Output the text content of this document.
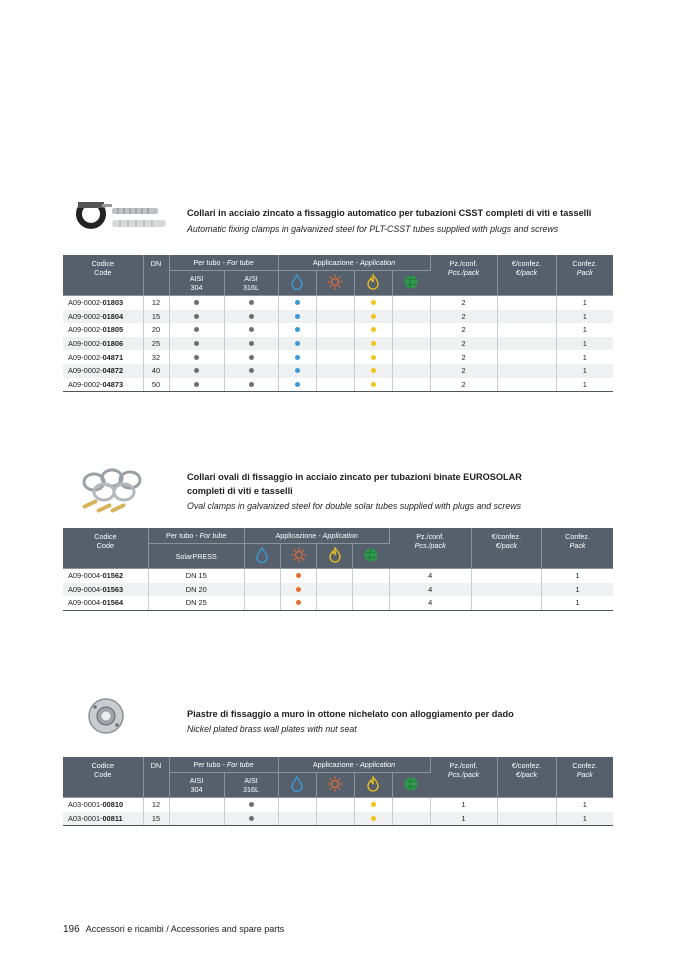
Collari in acciaio zincato a fissaggio automatico per tubazioni CSST completi di viti e tasselli
Automatic fixing clamps in galvanized steel for PLT-CSST tubes supplied with plugs and screws
Codice
Code	DN	Per tubo - For tube		Applicazione - Application				Pz./conf.
Pcs./pack	€/confez.
€/pack	Confez.
Pack
		AISI
304	AISI
316L				
A09-0002-01803	12							2		1
A09-0002-01804	15							2		1
A09-0002-01805	20							2		1
A09-0002-01806	25							2		1
A09-0002-04871	32							2		1
A09-0002-04872	40							2		1
A09-0002-04873	50							2		1
Collari ovali di fissaggio in acciaio zincato per tubazioni binate EUROSOLAR
completi di viti e tasselli
Oval clamps in galvanized steel for double solar tubes supplied with plugs and screws
Codice
Code	Per tubo - For tube	Applicazione - Application				Pz./conf.
Pcs./pack	€/confez.
€/pack	Confez.
Pack
	SolarPRESS				
A09-0004-01562	DN 15					4		1
A09-0004-01563	DN 20					4		1
A09-0004-01564	DN 25					4		1
Piastre di fissaggio a muro in ottone nichelato con alloggiamento per dado
Nickel plated brass wall plates with nut seat
Codice
Code	DN	Per tubo - For tube		Applicazione - Application				Pz./conf.
Pcs./pack	€/confez.
€/pack	Confez.
Pack
		AISI
304	AISI
316L				
A03-0001-00810	12							1		1
A03-0001-00811	15							1		1
196 Accessori e ricambi / Accessories and spare parts
